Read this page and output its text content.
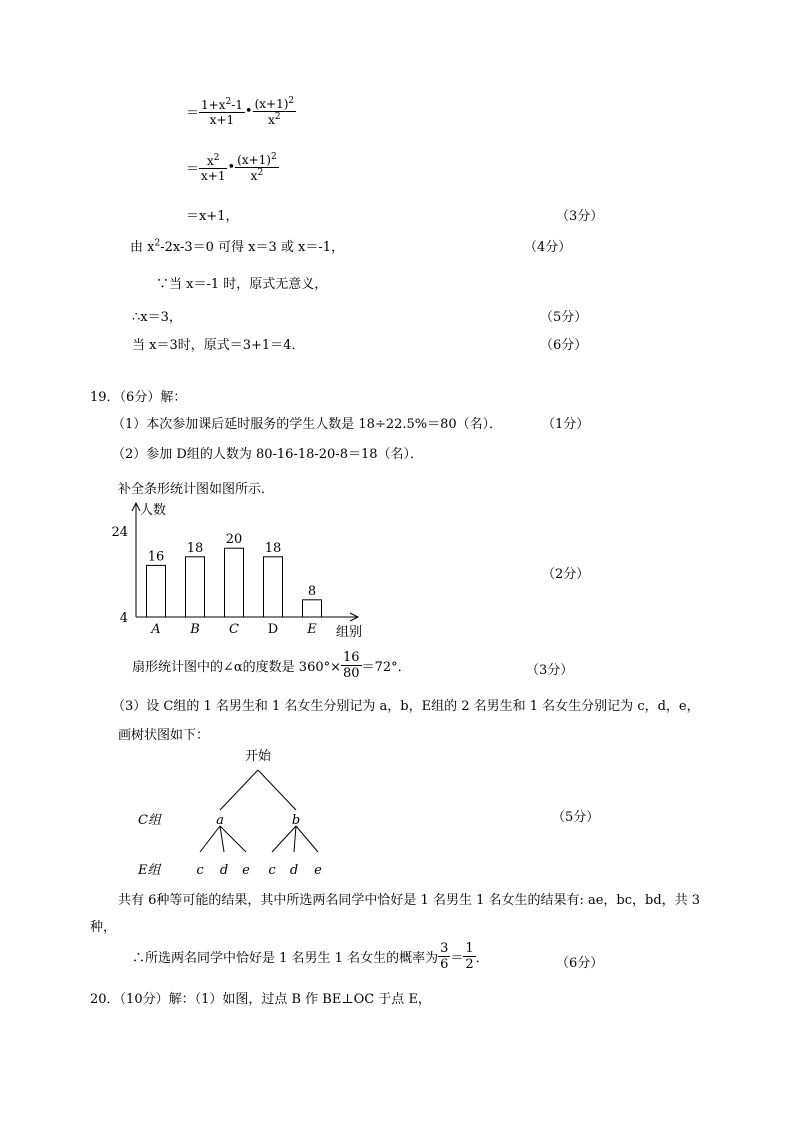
＝ $\frac{1+x^2-1}{x+1}$ • $\frac{(x+1)^2}{x^2}$
＝ $\frac{x^2}{x+1}$ • $\frac{(x+1)^2}{x^2}$
＝x+1，	（3分）
由 $x^2-2x-3=0$ 可得 x＝3 或 x＝-1，	（4分）
∵当 x＝-1 时，原式无意义，
∴x＝3，	（5分）
当 x＝3时，原式＝3+1＝4．	（6分）
19．（6分）解：
（1）本次参加课后延时服务的学生人数是 18÷22.5%＝80（名）．	（1分）
（2）参加 D组的人数为 80-16-18-20-8＝18（名）．
补全条形统计图如图所示．
人数
组别
4
24
16
A
18
B
20
C
18
D
8
E
（2分）
扇形统计图中的∠α的度数是 $360^\circ\times \frac{16}{80} =72^\circ$．	（3分）
（3）设 C组的 1 名男生和 1 名女生分别记为 a，b，E组的 2 名男生和 1 名女生分别记为 c，d，e，
画树状图如下：
开始
C组
E组
a	b
c d e c d e
（5分）
共有 6种等可能的结果，其中所选两名同学中恰好是 1 名男生 1 名女生的结果有: ae，bc，bd，共 3
种，
∴所选两名同学中恰好是 1 名男生 1 名女生的概率为 $\frac{3}{6} = \frac{1}{2}$ ．	（6分）
20．（10分）解：（1）如图，过点 B 作 BE⊥OC 于点 E，
